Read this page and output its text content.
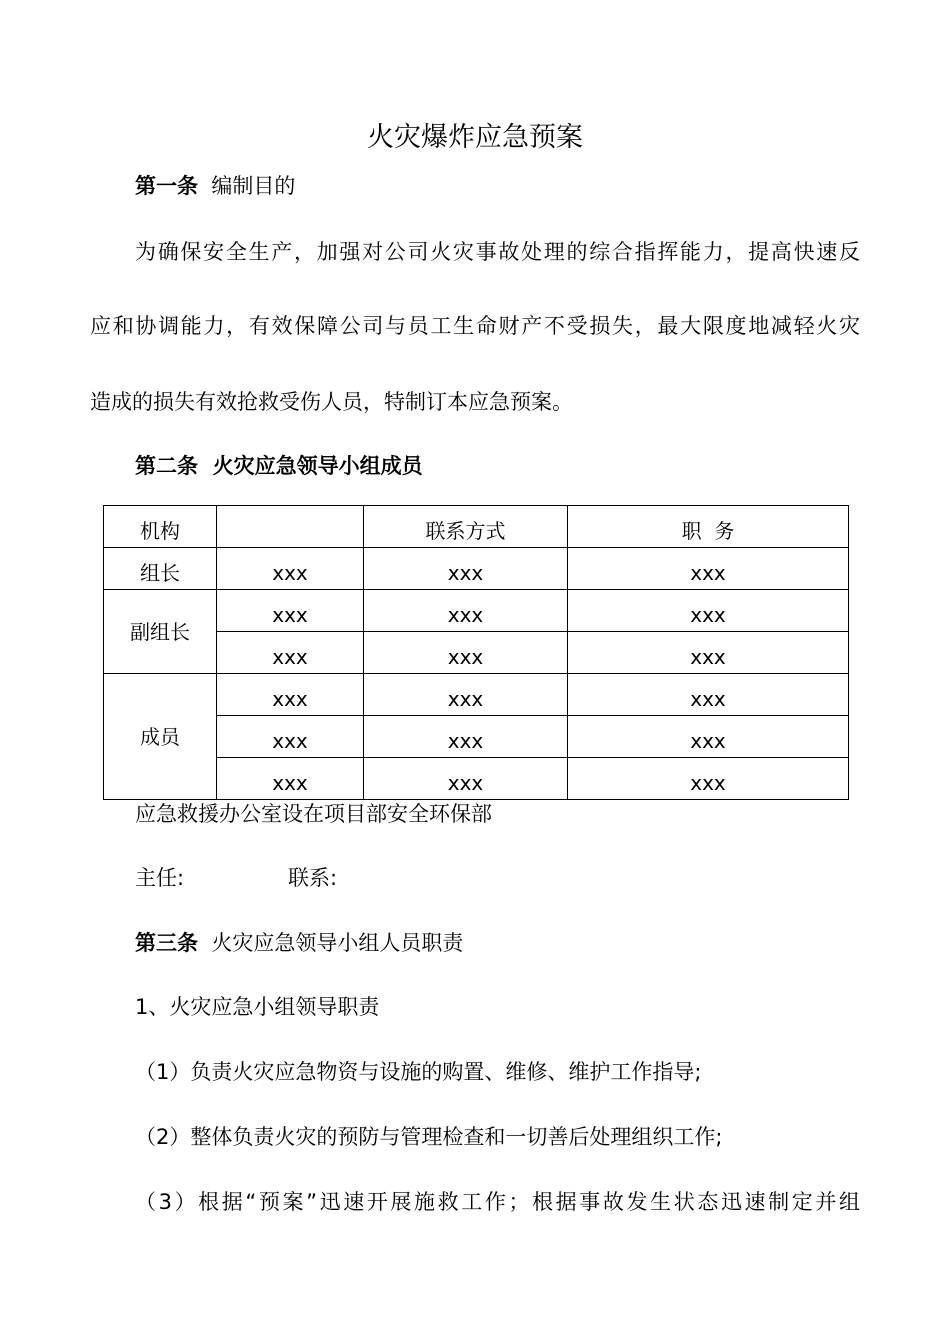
火灾爆炸应急预案
第一条 编制目的
为确保安全生产，加强对公司火灾事故处理的综合指挥能力，提高快速反
应和协调能力，有效保障公司与员工生命财产不受损失，最大限度地减轻火灾
造成的损失有效抢救受伤人员，特制订本应急预案。
第二条 火灾应急领导小组成员
机构		联系方式	职  务
组长	xxx	xxx	xxx
副组长	xxx	xxx	xxx
	xxx	xxx	xxx
成员	xxx	xxx	xxx
	xxx	xxx	xxx
	xxx	xxx	xxx
应急救援办公室设在项目部安全环保部
主任:	联系:
第三条 火灾应急领导小组人员职责
1、火灾应急小组领导职责
（1）负责火灾应急物资与设施的购置、维修、维护工作指导;
（2）整体负责火灾的预防与管理检查和一切善后处理组织工作;
（3）根据“预案”迅速开展施救工作；根据事故发生状态迅速制定并组
